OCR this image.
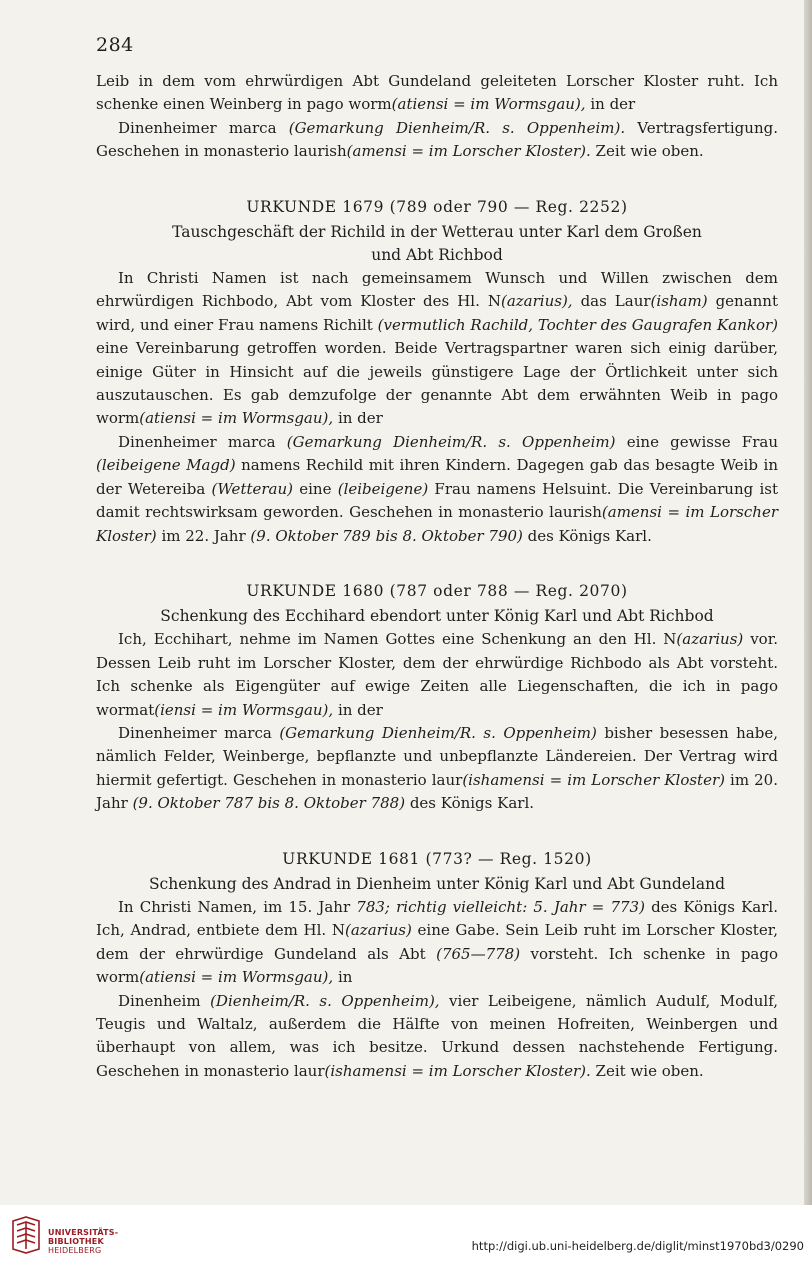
284

Leib in dem vom ehrwürdigen Abt Gundeland geleiteten Lorscher Kloster ruht. Ich schenke einen Weinberg in pago worm(atiensi = im Wormsgau), in der

Dinenheimer marca (Gemarkung Dienheim/R. s. Oppenheim). Vertragsfertigung. Geschehen in monasterio laurish(amensi = im Lorscher Kloster). Zeit wie oben.

URKUNDE 1679 (789 oder 790 — Reg. 2252)
Tauschgeschäft der Richild in der Wetterau unter Karl dem Großen
und Abt Richbod

In Christi Namen ist nach gemeinsamem Wunsch und Willen zwischen dem ehrwürdigen Richbodo, Abt vom Kloster des Hl. N(azarius), das Laur(isham) genannt wird, und einer Frau namens Richilt (vermutlich Rachild, Tochter des Gaugrafen Kankor) eine Vereinbarung getroffen worden. Beide Vertragspartner waren sich einig darüber, einige Güter in Hinsicht auf die jeweils günstigere Lage der Örtlichkeit unter sich auszutauschen. Es gab demzufolge der genannte Abt dem erwähnten Weib in pago worm(atiensi = im Wormsgau), in der

Dinenheimer marca (Gemarkung Dienheim/R. s. Oppenheim) eine gewisse Frau (leibeigene Magd) namens Rechild mit ihren Kindern. Dagegen gab das besagte Weib in der Wetereiba (Wetterau) eine (leibeigene) Frau namens Helsuint. Die Vereinbarung ist damit rechtswirksam geworden. Geschehen in monasterio laurish(amensi = im Lorscher Kloster) im 22. Jahr (9. Oktober 789 bis 8. Oktober 790) des Königs Karl.

URKUNDE 1680 (787 oder 788 — Reg. 2070)
Schenkung des Ecchihard ebendort unter König Karl und Abt Richbod

Ich, Ecchihart, nehme im Namen Gottes eine Schenkung an den Hl. N(azarius) vor. Dessen Leib ruht im Lorscher Kloster, dem der ehrwürdige Richbodo als Abt vorsteht. Ich schenke als Eigengüter auf ewige Zeiten alle Liegenschaften, die ich in pago wormat(iensi = im Wormsgau), in der

Dinenheimer marca (Gemarkung Dienheim/R. s. Oppenheim) bisher besessen habe, nämlich Felder, Weinberge, bepflanzte und unbepflanzte Ländereien. Der Vertrag wird hiermit gefertigt. Geschehen in monasterio laur(ishamensi = im Lorscher Kloster) im 20. Jahr (9. Oktober 787 bis 8. Oktober 788) des Königs Karl.

URKUNDE 1681 (773? — Reg. 1520)
Schenkung des Andrad in Dienheim unter König Karl und Abt Gundeland

In Christi Namen, im 15. Jahr 783; richtig vielleicht: 5. Jahr = 773) des Königs Karl. Ich, Andrad, entbiete dem Hl. N(azarius) eine Gabe. Sein Leib ruht im Lorscher Kloster, dem der ehrwürdige Gundeland als Abt (765—778) vorsteht. Ich schenke in pago worm(atiensi = im Wormsgau), in

Dinenheim (Dienheim/R. s. Oppenheim), vier Leibeigene, nämlich Audulf, Modulf, Teugis und Waltalz, außerdem die Hälfte von meinen Hofreiten, Weinbergen und überhaupt von allem, was ich besitze. Urkund dessen nachstehende Fertigung. Geschehen in monasterio laur(ishamensi = im Lorscher Kloster). Zeit wie oben.

UNIVERSITÄTS-
BIBLIOTHEK
HEIDELBERG	http://digi.ub.uni-heidelberg.de/diglit/minst1970bd3/0290
